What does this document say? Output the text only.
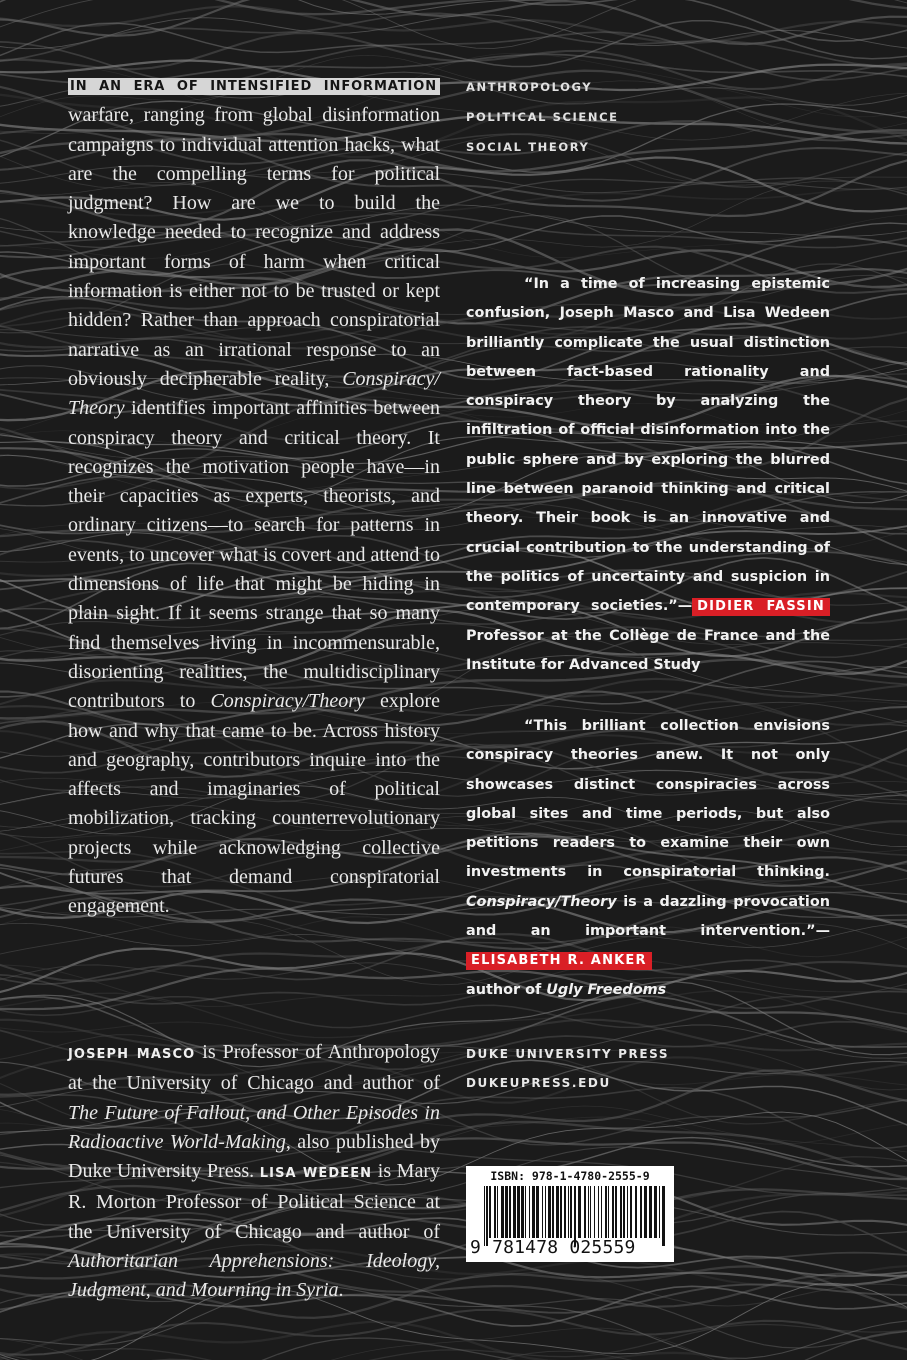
IN AN ERA OF INTENSIFIED INFORMATION warfare, ranging from global disinformation campaigns to individual attention hacks, what are the compelling terms for political judgment? How are we to build the knowledge needed to recognize and address important forms of harm when critical information is either not to be trusted or kept hidden? Rather than approach conspiratorial narrative as an irrational response to an obviously decipherable reality, Conspiracy/ Theory identifies important affinities between conspiracy theory and critical theory. It recognizes the motivation people have—in their capacities as experts, theorists, and ordinary citizens—to search for patterns in events, to uncover what is covert and attend to dimensions of life that might be hiding in plain sight. If it seems strange that so many find themselves living in incommensurable, disorienting realities, the multidisciplinary contributors to Conspiracy/Theory explore how and why that came to be. Across history and geography, contributors inquire into the affects and imaginaries of political mobilization, tracking counterrevolutionary projects while acknowledging collective futures that demand conspiratorial engagement.
ANTHROPOLOGY
POLITICAL SCIENCE
SOCIAL THEORY
“In a time of increasing epistemic confusion, Joseph Masco and Lisa Wedeen brilliantly complicate the usual distinction between fact-based rationality and conspiracy theory by analyzing the infiltration of official disinformation into the public sphere and by exploring the blurred line between paranoid thinking and critical theory. Their book is an innovative and crucial contribution to the understanding of the politics of uncertainty and suspicion in contemporary societies.”— DIDIER FASSIN Professor at the Collège de France and the Institute for Advanced Study
“This brilliant collection envisions conspiracy theories anew. It not only showcases distinct conspiracies across global sites and time periods, but also petitions readers to examine their own investments in conspiratorial thinking. Conspiracy/Theory is a dazzling provocation and an important intervention.”—ELISABETH R. ANKER
author of Ugly Freedoms
JOSEPH MASCO is Professor of Anthropology at the University of Chicago and author of The Future of Fallout, and Other Episodes in Radioactive World-Making, also published by Duke University Press. LISA WEDEEN is Mary R. Morton Professor of Political Science at the University of Chicago and author of Authoritarian Apprehensions: Ideology, Judgment, and Mourning in Syria.
DUKE UNIVERSITY PRESS
DUKEUPRESS.EDU
ISBN: 978-1-4780-2555-9
9 781478 025559
